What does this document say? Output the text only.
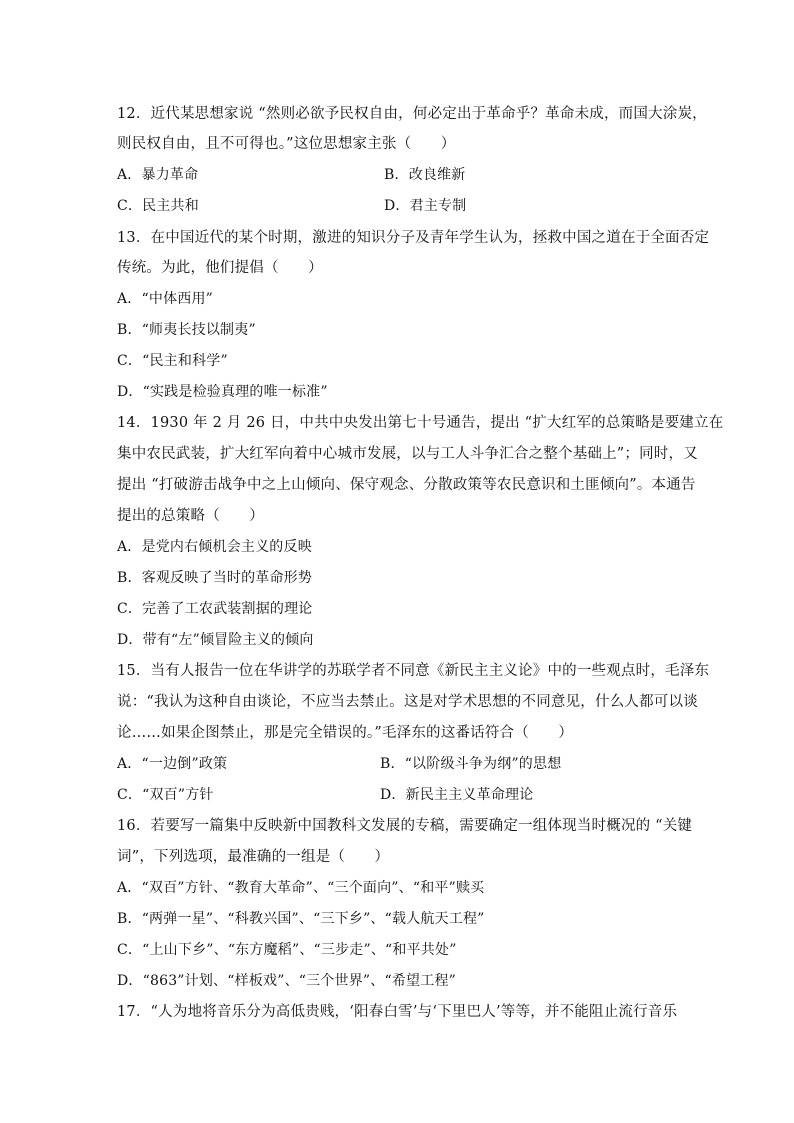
12．近代某思想家说 “然则必欲予民权自由，何必定出于革命乎？革命未成，而国大涂炭，
则民权自由，且不可得也。”这位思想家主张（　　）
A．暴力革命	B．改良维新
C．民主共和	D．君主专制
13．在中国近代的某个时期，激进的知识分子及青年学生认为，拯救中国之道在于全面否定
传统。为此，他们提倡（　　）
A．“中体西用”
B．“师夷长技以制夷”
C．“民主和科学”
D．“实践是检验真理的唯一标准”
14．1930 年 2 月 26 日，中共中央发出第七十号通告，提出 “扩大红军的总策略是要建立在
集中农民武装，扩大红军向着中心城市发展，以与工人斗争汇合之整个基础上”；同时，又
提出 “打破游击战争中之上山倾向、保守观念、分散政策等农民意识和土匪倾向”。本通告
提出的总策略（　　）
A．是党内右倾机会主义的反映
B．客观反映了当时的革命形势
C．完善了工农武装割据的理论
D．带有“左”倾冒险主义的倾向
15．当有人报告一位在华讲学的苏联学者不同意《新民主主义论》中的一些观点时，毛泽东
说：“我认为这种自由谈论，不应当去禁止。这是对学术思想的不同意见，什么人都可以谈
论……如果企图禁止，那是完全错误的。”毛泽东的这番话符合（　　）
A．“一边倒”政策	B．“以阶级斗争为纲”的思想
C．“双百”方针	D．新民主主义革命理论
16．若要写一篇集中反映新中国教科文发展的专稿，需要确定一组体现当时概况的 “关键
词”，下列选项，最准确的一组是（　　）
A．“双百”方针、“教育大革命”、“三个面向”、“和平”赎买
B．“两弹一星”、“科教兴国”、“三下乡”、“载人航天工程”
C．“上山下乡”、“东方魔稻”、“三步走”、“和平共处”
D．“863”计划、“样板戏”、“三个世界”、“希望工程”
17．“人为地将音乐分为高低贵贱，‘阳春白雪’与‘下里巴人’等等，并不能阻止流行音乐
